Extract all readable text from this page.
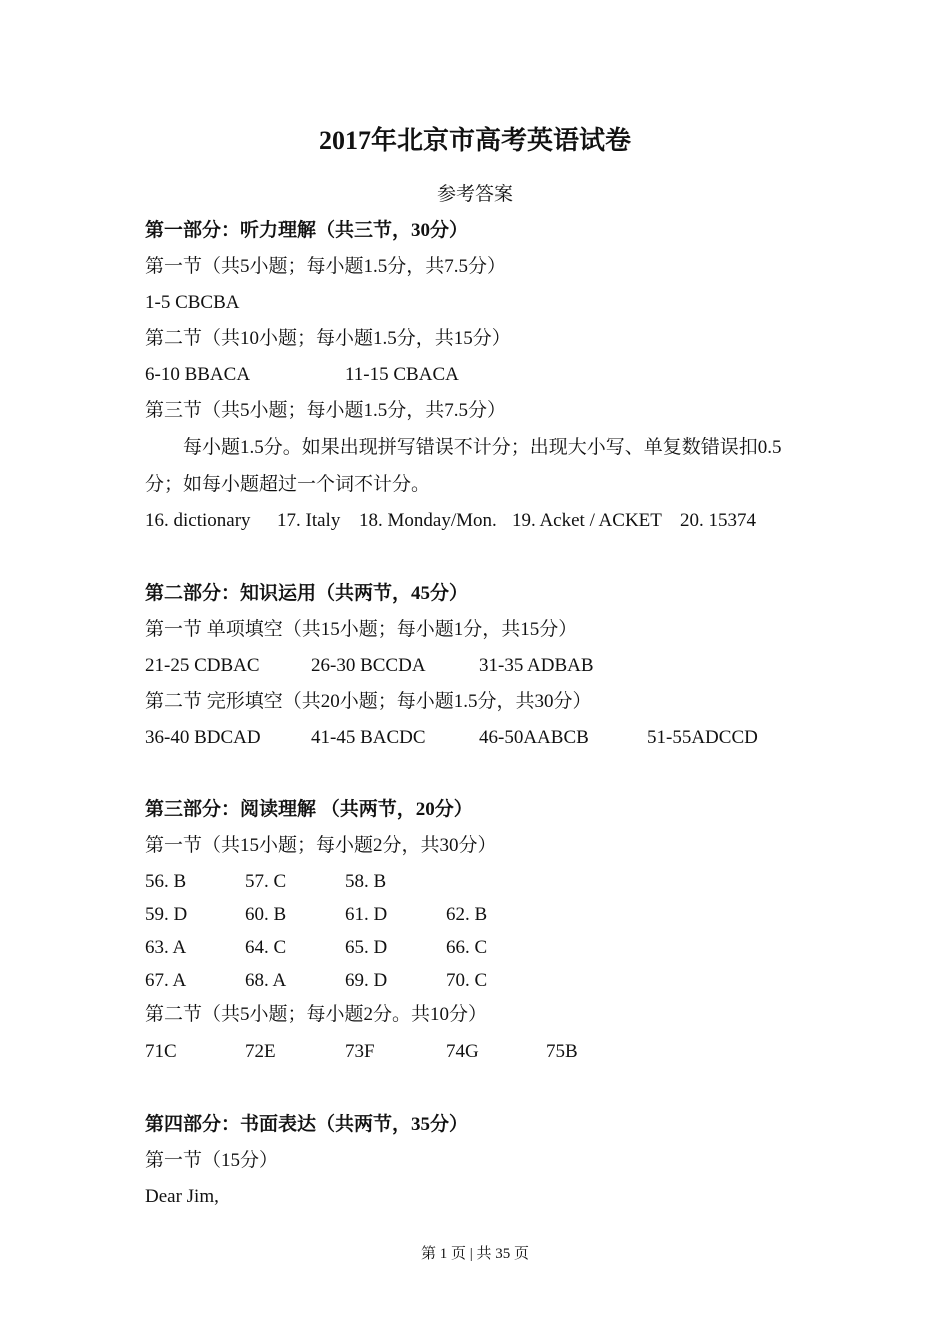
2017年北京市高考英语试卷
参考答案
第一部分：听力理解（共三节，30分）
第一节（共5小题；每小题1.5分，共7.5分）
1-5 CBCBA
第二节（共10小题；每小题1.5分，共15分）
6-10 BBACA	11-15 CBACA
第三节（共5小题；每小题1.5分，共7.5分）
每小题1.5分。如果出现拼写错误不计分；出现大小写、单复数错误扣0.5
分；如每小题超过一个词不计分。
16. dictionary 17. Italy 18. Monday/Mon. 19. Acket / ACKET 20. 15374
第二部分：知识运用（共两节，45分）
第一节 单项填空（共15小题；每小题1分，共15分）
21-25 CDBAC	26-30 BCCDA	31-35 ADBAB
第二节 完形填空（共20小题；每小题1.5分，共30分）
36-40 BDCAD	41-45 BACDC	46-50AABCB	51-55ADCCD
第三部分：阅读理解 （共两节，20分）
第一节（共15小题；每小题2分，共30分）
56. B	57. C	58. B
59. D	60. B	61. D	62. B
63. A	64. C	65. D	66. C
67. A	68. A	69. D	70. C
第二节（共5小题；每小题2分。共10分）
71C	72E	73F	74G	75B
第四部分：书面表达（共两节，35分）
第一节（15分）
Dear Jim,
第 1 页 | 共 35 页
